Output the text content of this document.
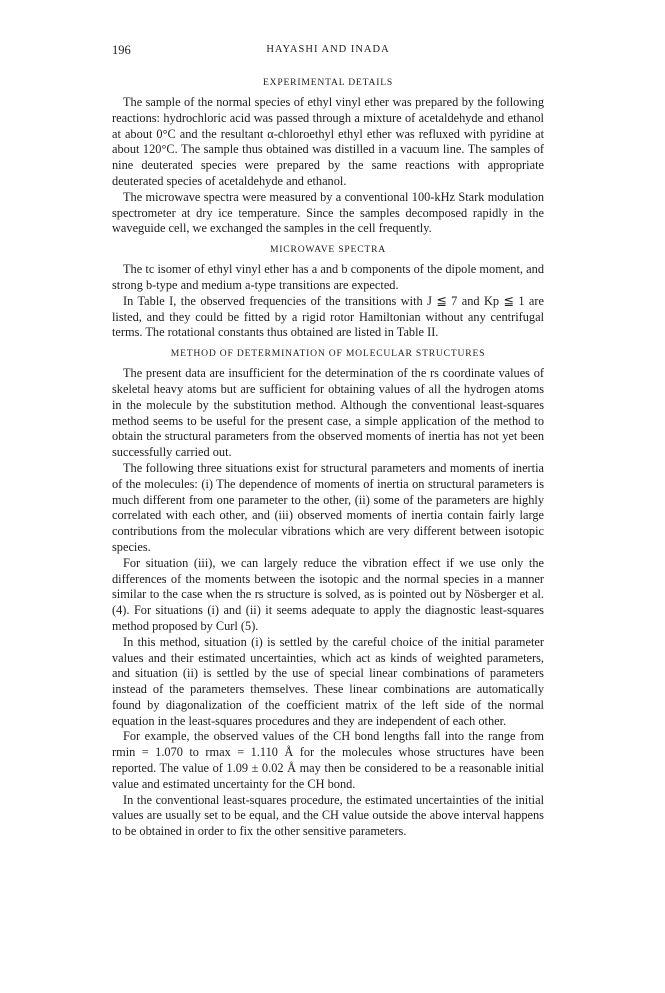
196	HAYASHI AND INADA
EXPERIMENTAL DETAILS

The sample of the normal species of ethyl vinyl ether was prepared by the following reactions: hydrochloric acid was passed through a mixture of acetaldehyde and ethanol at about 0°C and the resultant α-chloroethyl ethyl ether was refluxed with pyridine at about 120°C. The sample thus obtained was distilled in a vacuum line. The samples of nine deuterated species were prepared by the same reactions with appropriate deuterated species of acetaldehyde and ethanol.

The microwave spectra were measured by a conventional 100-kHz Stark modulation spectrometer at dry ice temperature. Since the samples decomposed rapidly in the waveguide cell, we exchanged the samples in the cell frequently.

MICROWAVE SPECTRA

The tc isomer of ethyl vinyl ether has a and b components of the dipole moment, and strong b-type and medium a-type transitions are expected.

In Table I, the observed frequencies of the transitions with J ≦ 7 and Kp ≦ 1 are listed, and they could be fitted by a rigid rotor Hamiltonian without any centrifugal terms. The rotational constants thus obtained are listed in Table II.

METHOD OF DETERMINATION OF MOLECULAR STRUCTURES

The present data are insufficient for the determination of the rs coordinate values of skeletal heavy atoms but are sufficient for obtaining values of all the hydrogen atoms in the molecule by the substitution method. Although the conventional least-squares method seems to be useful for the present case, a simple application of the method to obtain the structural parameters from the observed moments of inertia has not yet been successfully carried out.

The following three situations exist for structural parameters and moments of inertia of the molecules: (i) The dependence of moments of inertia on structural parameters is much different from one parameter to the other, (ii) some of the parameters are highly correlated with each other, and (iii) observed moments of inertia contain fairly large contributions from the molecular vibrations which are very different between isotopic species.

For situation (iii), we can largely reduce the vibration effect if we use only the differences of the moments between the isotopic and the normal species in a manner similar to the case when the rs structure is solved, as is pointed out by Nösberger et al. (4). For situations (i) and (ii) it seems adequate to apply the diagnostic least-squares method proposed by Curl (5).

In this method, situation (i) is settled by the careful choice of the initial parameter values and their estimated uncertainties, which act as kinds of weighted parameters, and situation (ii) is settled by the use of special linear combinations of parameters instead of the parameters themselves. These linear combinations are automatically found by diagonalization of the coefficient matrix of the left side of the normal equation in the least-squares procedures and they are independent of each other.

For example, the observed values of the CH bond lengths fall into the range from rmin = 1.070 to rmax = 1.110 Å for the molecules whose structures have been reported. The value of 1.09 ± 0.02 Å may then be considered to be a reasonable initial value and estimated uncertainty for the CH bond.

In the conventional least-squares procedure, the estimated uncertainties of the initial values are usually set to be equal, and the CH value outside the above interval happens to be obtained in order to fix the other sensitive parameters.
